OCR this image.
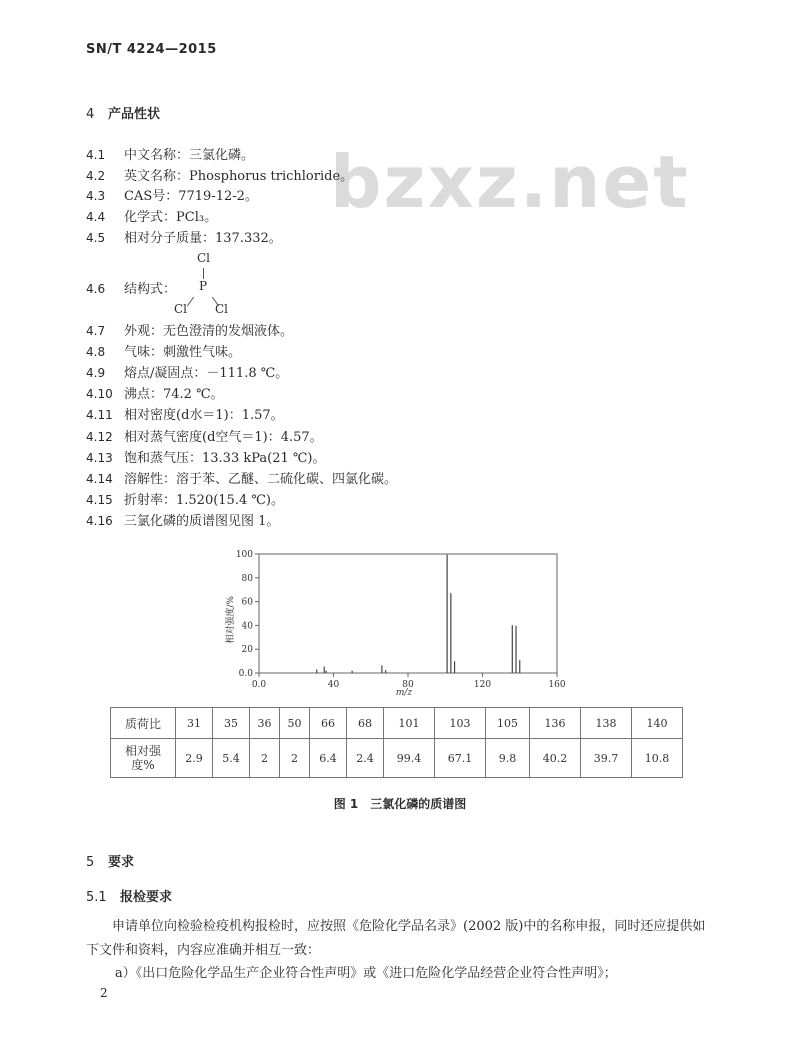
SN/T 4224—2015
bzxz.net
4 产品性状
4.1 中文名称：三氯化磷。
4.2 英文名称：Phosphorus trichloride。
4.3 CAS号：7719-12-2。
4.4 化学式：PCl₃。
4.5 相对分子质量：137.332。
4.6 结构式：
4.7 外观：无色澄清的发烟液体。
4.8 气味：刺激性气味。
4.9 熔点/凝固点：－111.8 ℃。
4.10 沸点：74.2 ℃。
4.11 相对密度(d水＝1)：1.57。
4.12 相对蒸气密度(d空气＝1)：4.57。
4.13 饱和蒸气压：13.33 kPa(21 ℃)。
4.14 溶解性：溶于苯、乙醚、二硫化碳、四氯化碳。
4.15 折射率：1.520(15.4 ℃)。
4.16 三氯化磷的质谱图见图 1。
Cl
P
Cl Cl
0.0
20
40
60
80
100
0.0	40	80	120	160
相对强度/%
m/z
质荷比	31	35	36	50	66	68	101	103	105	136	138	140
相对强度%	2.9	5.4	2	2	6.4	2.4	99.4	67.1	9.8	40.2	39.7	10.8
图 1　三氯化磷的质谱图
5 要求
5.1 报检要求
申请单位向检验检疫机构报检时，应按照《危险化学品名录》(2002 版)中的名称申报，同时还应提供如下文件和资料，内容应准确并相互一致：
a）《出口危险化学品生产企业符合性声明》或《进口危险化学品经营企业符合性声明》；
2
